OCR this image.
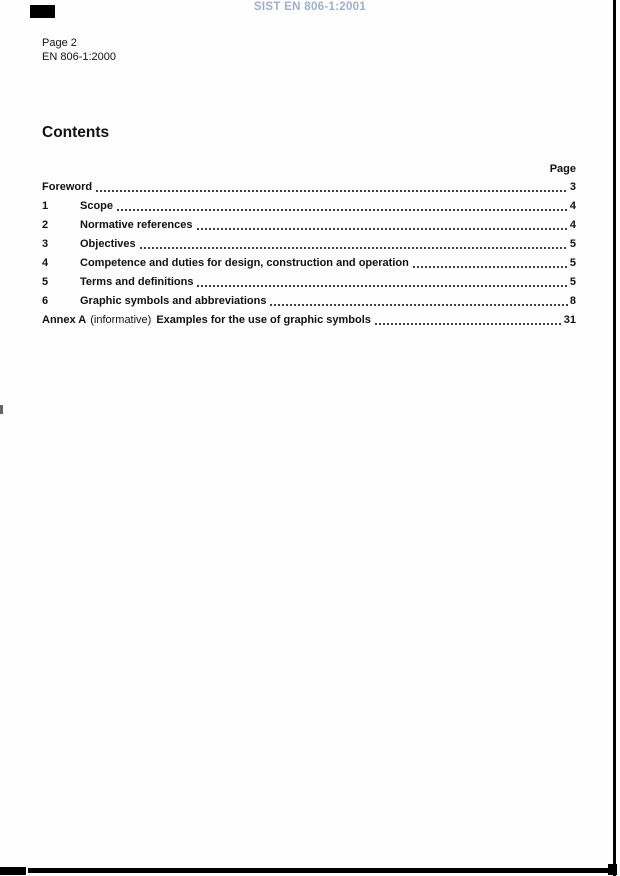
SIST EN 806-1:2001
Page 2
EN 806-1:2000
Contents
Page
Foreword	3
1	Scope	4
2	Normative references	4
3	Objectives	5
4	Competence and duties for design, construction and operation	5
5	Terms and definitions	5
6	Graphic symbols and abbreviations	8
Annex A (informative) Examples for the use of graphic symbols	31
